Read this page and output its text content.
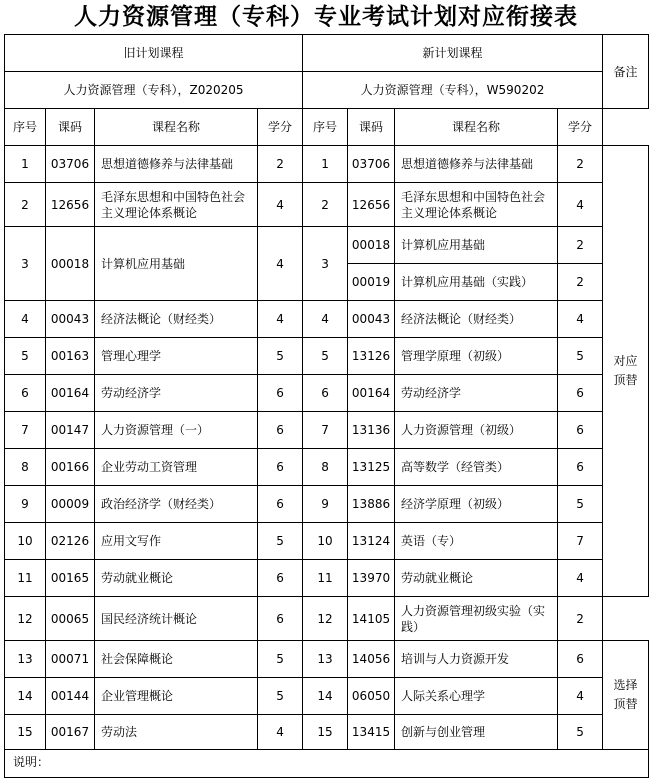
人力资源管理（专科）专业考试计划对应衔接表
旧计划课程				新计划课程				备注
人力资源管理（专科），Z020205				人力资源管理（专科），W590202				
序号	课码	课程名称	学分	序号	课码	课程名称	学分	
1	03706	思想道德修养与法律基础	2	1	03706	思想道德修养与法律基础	2	对应顶替

2	12656	毛泽东思想和中国特色社会主义理论体系概论	4	2	12656	毛泽东思想和中国特色社会主义理论体系概论	4	
3	00018	计算机应用基础	4	3	00018	计算机应用基础	2	
					00019	计算机应用基础（实践）	2	
4	00043	经济法概论（财经类）	4	4	00043	经济法概论（财经类）	4	
5	00163	管理心理学	5	5	13126	管理学原理（初级）	5	
6	00164	劳动经济学	6	6	00164	劳动经济学	6	
7	00147	人力资源管理（一）	6	7	13136	人力资源管理（初级）	6	
8	00166	企业劳动工资管理	6	8	13125	高等数学（经管类）	6	
9	00009	政治经济学（财经类）	6	9	13886	经济学原理（初级）	5	
10	02126	应用文写作	5	10	13124	英语（专）	7	
11	00165	劳动就业概论	6	11	13970	劳动就业概论	4	
12	00065	国民经济统计概论	6	12	14105	人力资源管理初级实验（实践）	2	
13	00071	社会保障概论	5	13	14056	培训与人力资源开发	6	选择顶替

14	00144	企业管理概论	5	14	06050	人际关系心理学	4	
15	00167	劳动法	4	15	13415	创新与创业管理	5	
说明：								
